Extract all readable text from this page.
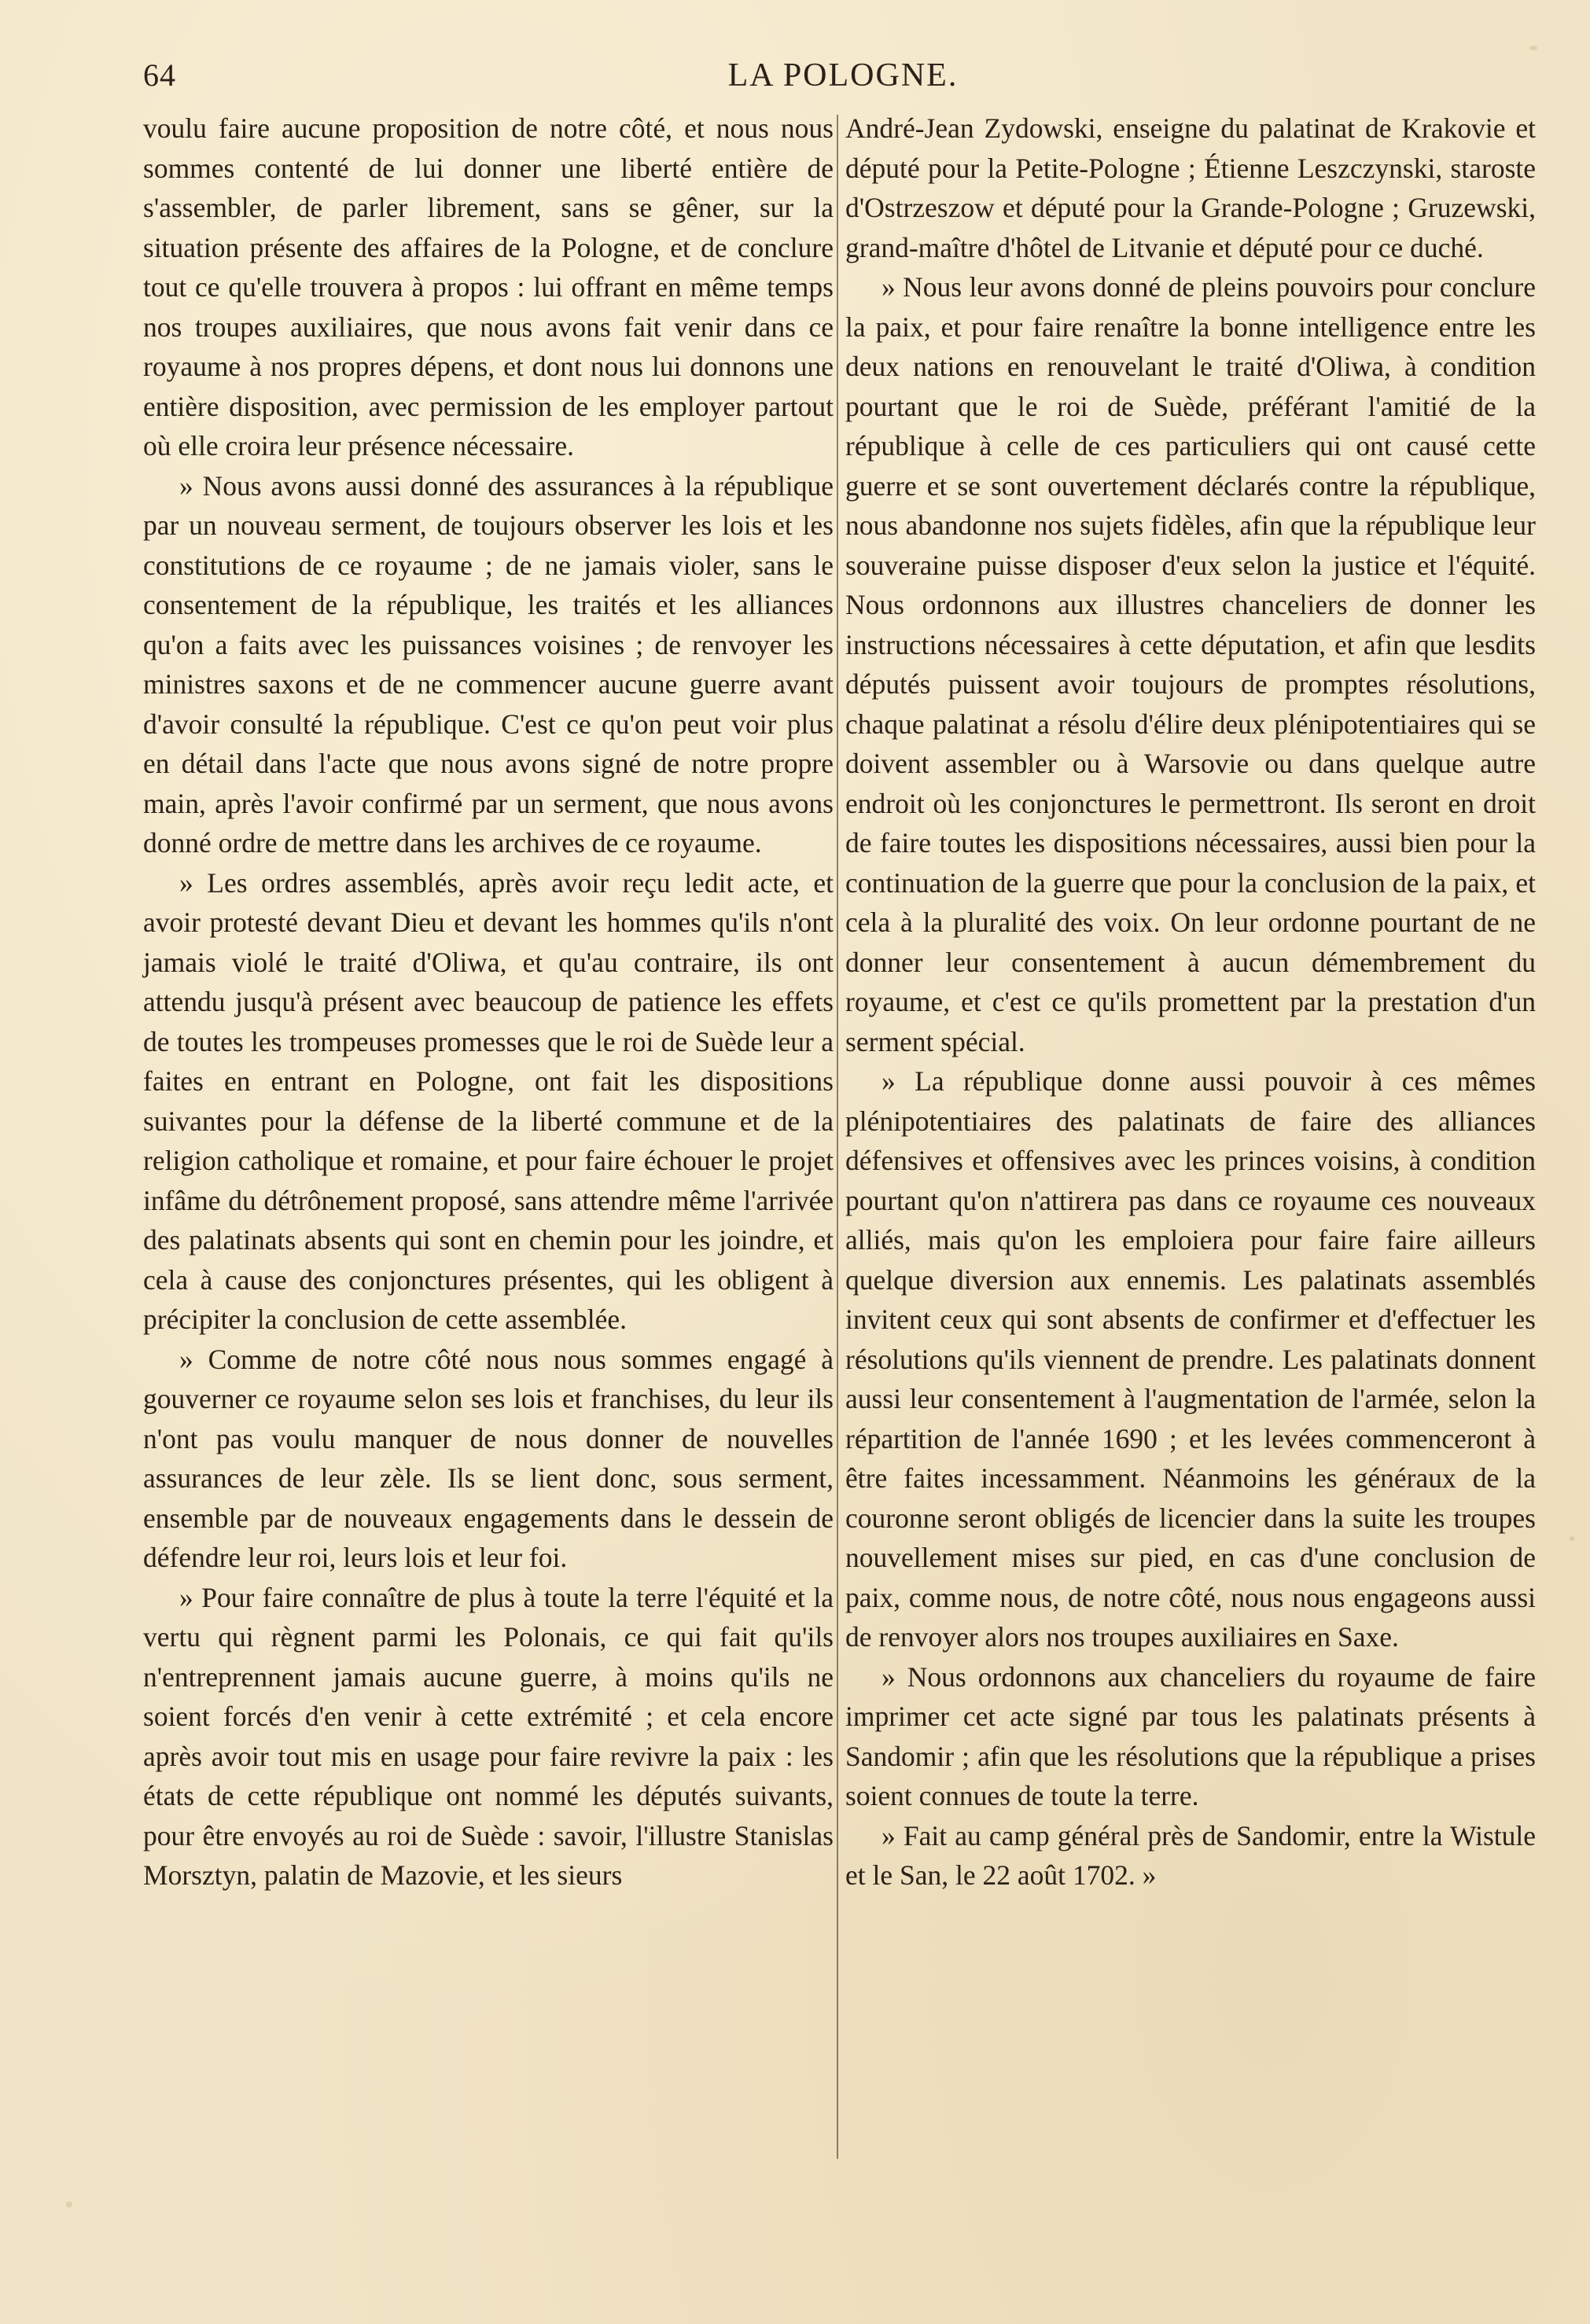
64	LA POLOGNE.

voulu faire aucune proposition de notre côté, et nous nous sommes contenté de lui donner une liberté entière de s'assembler, de parler librement, sans se gêner, sur la situation présente des affaires de la Pologne, et de conclure tout ce qu'elle trouvera à propos : lui offrant en même temps nos troupes auxiliaires, que nous avons fait venir dans ce royaume à nos propres dépens, et dont nous lui donnons une entière disposition, avec permission de les employer partout où elle croira leur présence nécessaire.

» Nous avons aussi donné des assurances à la république par un nouveau serment, de toujours observer les lois et les constitutions de ce royaume ; de ne jamais violer, sans le consentement de la république, les traités et les alliances qu'on a faits avec les puissances voisines ; de renvoyer les ministres saxons et de ne commencer aucune guerre avant d'avoir consulté la république. C'est ce qu'on peut voir plus en détail dans l'acte que nous avons signé de notre propre main, après l'avoir confirmé par un serment, que nous avons donné ordre de mettre dans les archives de ce royaume.

» Les ordres assemblés, après avoir reçu ledit acte, et avoir protesté devant Dieu et devant les hommes qu'ils n'ont jamais violé le traité d'Oliwa, et qu'au contraire, ils ont attendu jusqu'à présent avec beaucoup de patience les effets de toutes les trompeuses promesses que le roi de Suède leur a faites en entrant en Pologne, ont fait les dispositions suivantes pour la défense de la liberté commune et de la religion catholique et romaine, et pour faire échouer le projet infâme du détrônement proposé, sans attendre même l'arrivée des palatinats absents qui sont en chemin pour les joindre, et cela à cause des conjonctures présentes, qui les obligent à précipiter la conclusion de cette assemblée.

» Comme de notre côté nous nous sommes engagé à gouverner ce royaume selon ses lois et franchises, du leur ils n'ont pas voulu manquer de nous donner de nouvelles assurances de leur zèle. Ils se lient donc, sous serment, ensemble par de nouveaux engagements dans le dessein de défendre leur roi, leurs lois et leur foi.

» Pour faire connaître de plus à toute la terre l'équité et la vertu qui règnent parmi les Polonais, ce qui fait qu'ils n'entreprennent jamais aucune guerre, à moins qu'ils ne soient forcés d'en venir à cette extrémité ; et cela encore après avoir tout mis en usage pour faire revivre la paix : les états de cette république ont nommé les députés suivants, pour être envoyés au roi de Suède : savoir, l'illustre Stanislas Morsztyn, palatin de Mazovie, et les sieurs

André-Jean Zydowski, enseigne du palatinat de Krakovie et député pour la Petite-Pologne ; Étienne Leszczynski, staroste d'Ostrzeszow et député pour la Grande-Pologne ; Gruzewski, grand-maître d'hôtel de Litvanie et député pour ce duché.

» Nous leur avons donné de pleins pouvoirs pour conclure la paix, et pour faire renaître la bonne intelligence entre les deux nations en renouvelant le traité d'Oliwa, à condition pourtant que le roi de Suède, préférant l'amitié de la république à celle de ces particuliers qui ont causé cette guerre et se sont ouvertement déclarés contre la république, nous abandonne nos sujets fidèles, afin que la république leur souveraine puisse disposer d'eux selon la justice et l'équité. Nous ordonnons aux illustres chanceliers de donner les instructions nécessaires à cette députation, et afin que lesdits députés puissent avoir toujours de promptes résolutions, chaque palatinat a résolu d'élire deux plénipotentiaires qui se doivent assembler ou à Warsovie ou dans quelque autre endroit où les conjonctures le permettront. Ils seront en droit de faire toutes les dispositions nécessaires, aussi bien pour la continuation de la guerre que pour la conclusion de la paix, et cela à la pluralité des voix. On leur ordonne pourtant de ne donner leur consentement à aucun démembrement du royaume, et c'est ce qu'ils promettent par la prestation d'un serment spécial.

» La république donne aussi pouvoir à ces mêmes plénipotentiaires des palatinats de faire des alliances défensives et offensives avec les princes voisins, à condition pourtant qu'on n'attirera pas dans ce royaume ces nouveaux alliés, mais qu'on les emploiera pour faire faire ailleurs quelque diversion aux ennemis. Les palatinats assemblés invitent ceux qui sont absents de confirmer et d'effectuer les résolutions qu'ils viennent de prendre. Les palatinats donnent aussi leur consentement à l'augmentation de l'armée, selon la répartition de l'année 1690 ; et les levées commenceront à être faites incessamment. Néanmoins les généraux de la couronne seront obligés de licencier dans la suite les troupes nouvellement mises sur pied, en cas d'une conclusion de paix, comme nous, de notre côté, nous nous engageons aussi de renvoyer alors nos troupes auxiliaires en Saxe.

» Nous ordonnons aux chanceliers du royaume de faire imprimer cet acte signé par tous les palatinats présents à Sandomir ; afin que les résolutions que la république a prises soient connues de toute la terre.

» Fait au camp général près de Sandomir, entre la Wistule et le San, le 22 août 1702. »
